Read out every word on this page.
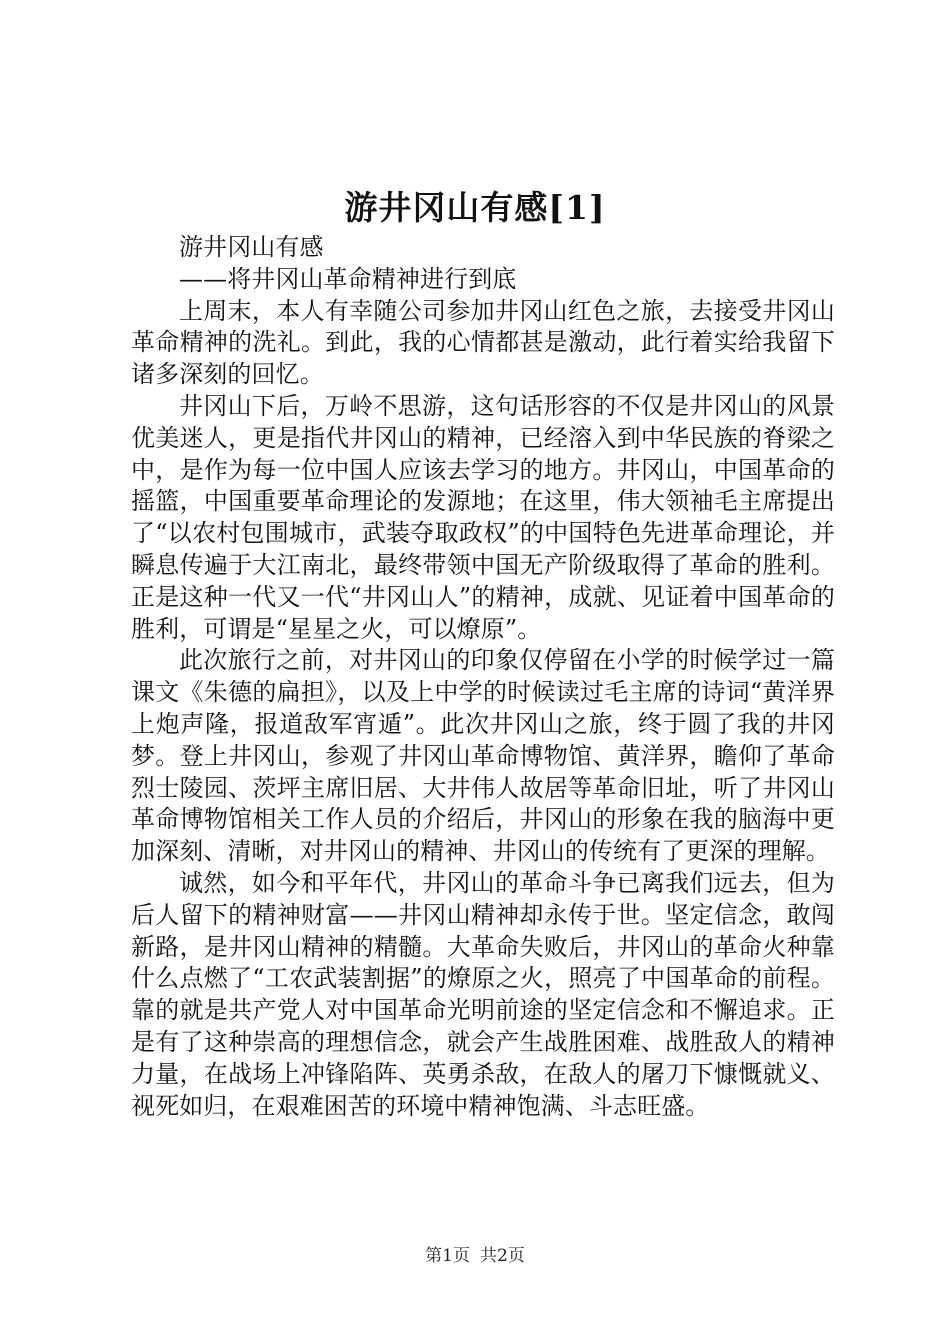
游井冈山有感[1]

游井冈山有感

——将井冈山革命精神进行到底

上周末，本人有幸随公司参加井冈山红色之旅，去接受井冈山革命精神的洗礼。到此，我的心情都甚是激动，此行着实给我留下诸多深刻的回忆。

井冈山下后，万岭不思游，这句话形容的不仅是井冈山的风景优美迷人，更是指代井冈山的精神，已经溶入到中华民族的脊梁之中，是作为每一位中国人应该去学习的地方。井冈山，中国革命的摇篮，中国重要革命理论的发源地；在这里，伟大领袖毛主席提出了“以农村包围城市，武装夺取政权”的中国特色先进革命理论，并瞬息传遍于大江南北，最终带领中国无产阶级取得了革命的胜利。正是这种一代又一代“井冈山人”的精神，成就、见证着中国革命的胜利，可谓是“星星之火，可以燎原”。

此次旅行之前，对井冈山的印象仅停留在小学的时候学过一篇课文《朱德的扁担》，以及上中学的时候读过毛主席的诗词“黄洋界上炮声隆，报道敌军宵遁”。此次井冈山之旅，终于圆了我的井冈梦。登上井冈山，参观了井冈山革命博物馆、黄洋界，瞻仰了革命烈士陵园、茨坪主席旧居、大井伟人故居等革命旧址，听了井冈山革命博物馆相关工作人员的介绍后，井冈山的形象在我的脑海中更加深刻、清晰，对井冈山的精神、井冈山的传统有了更深的理解。

诚然，如今和平年代，井冈山的革命斗争已离我们远去，但为后人留下的精神财富——井冈山精神却永传于世。坚定信念，敢闯新路，是井冈山精神的精髓。大革命失败后，井冈山的革命火种靠什么点燃了“工农武装割据”的燎原之火，照亮了中国革命的前程。靠的就是共产党人对中国革命光明前途的坚定信念和不懈追求。正是有了这种崇高的理想信念，就会产生战胜困难、战胜敌人的精神力量，在战场上冲锋陷阵、英勇杀敌，在敌人的屠刀下慷慨就义、视死如归，在艰难困苦的环境中精神饱满、斗志旺盛。

第1页 共2页
